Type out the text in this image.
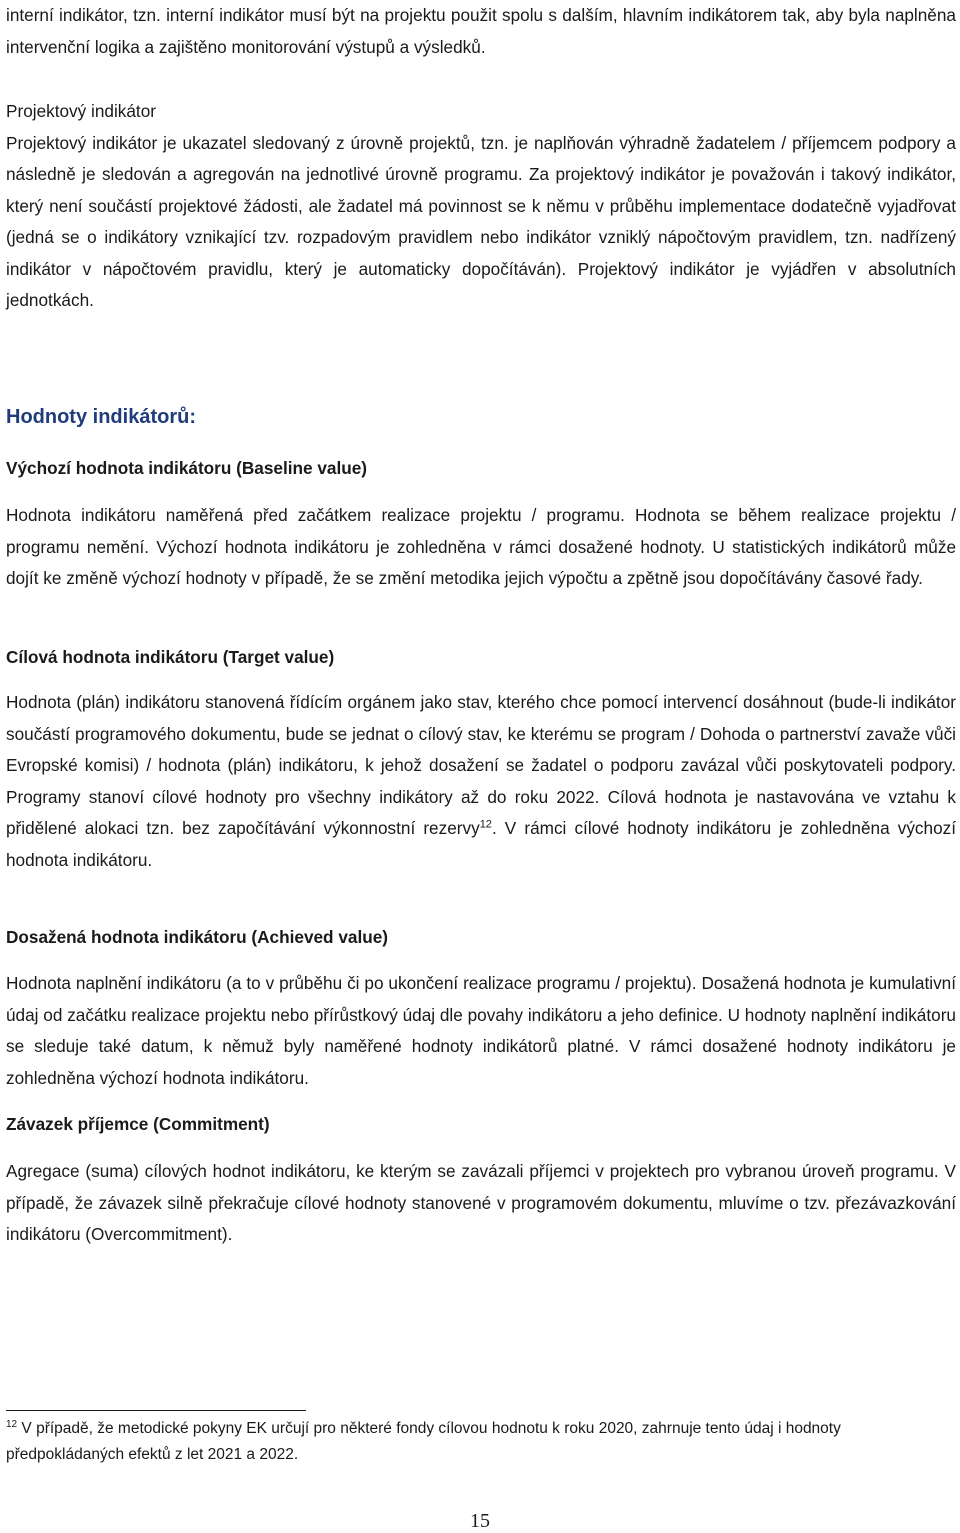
interní indikátor, tzn. interní indikátor musí být na projektu použit spolu s dalším, hlavním indikátorem tak, aby byla naplněna intervenční logika a zajištěno monitorování výstupů a výsledků.

Projektový indikátor

Projektový indikátor je ukazatel sledovaný z úrovně projektů, tzn. je naplňován výhradně žadatelem / příjemcem podpory a následně je sledován a agregován na jednotlivé úrovně programu. Za projektový indikátor je považován i takový indikátor, který není součástí projektové žádosti, ale žadatel má povinnost se k němu v průběhu implementace dodatečně vyjadřovat (jedná se o indikátory vznikající tzv. rozpadovým pravidlem nebo indikátor vzniklý nápočtovým pravidlem, tzn. nadřízený indikátor v nápočtovém pravidlu, který je automaticky dopočítáván). Projektový indikátor je vyjádřen v absolutních jednotkách.

Hodnoty indikátorů:
Výchozí hodnota indikátoru (Baseline value)

Hodnota indikátoru naměřená před začátkem realizace projektu / programu. Hodnota se během realizace projektu / programu nemění. Výchozí hodnota indikátoru je zohledněna v rámci dosažené hodnoty. U statistických indikátorů může dojít ke změně výchozí hodnoty v případě, že se změní metodika jejich výpočtu a zpětně jsou dopočítávány časové řady.

Cílová hodnota indikátoru (Target value)

Hodnota (plán) indikátoru stanovená řídícím orgánem jako stav, kterého chce pomocí intervencí dosáhnout (bude-li indikátor součástí programového dokumentu, bude se jednat o cílový stav, ke kterému se program / Dohoda o partnerství zavaže vůči Evropské komisi) / hodnota (plán) indikátoru, k jehož dosažení se žadatel o podporu zavázal vůči poskytovateli podpory. Programy stanoví cílové hodnoty pro všechny indikátory až do roku 2022. Cílová hodnota je nastavována ve vztahu k přidělené alokaci tzn. bez započítávání výkonnostní rezervy$^{12}$. V rámci cílové hodnoty indikátoru je zohledněna výchozí hodnota indikátoru.

Dosažená hodnota indikátoru (Achieved value)

Hodnota naplnění indikátoru (a to v průběhu či po ukončení realizace programu / projektu). Dosažená hodnota je kumulativní údaj od začátku realizace projektu nebo přírůstkový údaj dle povahy indikátoru a jeho definice. U hodnoty naplnění indikátoru se sleduje také datum, k němuž byly naměřené hodnoty indikátorů platné. V rámci dosažené hodnoty indikátoru je zohledněna výchozí hodnota indikátoru.

Závazek příjemce (Commitment)

Agregace (suma) cílových hodnot indikátoru, ke kterým se zavázali příjemci v projektech pro vybranou úroveň programu. V případě, že závazek silně překračuje cílové hodnoty stanovené v programovém dokumentu, mluvíme o tzv. přezávazkování indikátoru (Overcommitment).

$^{12}$ V případě, že metodické pokyny EK určují pro některé fondy cílovou hodnotu k roku 2020, zahrnuje tento údaj i hodnoty předpokládaných efektů z let 2021 a 2022.

15
